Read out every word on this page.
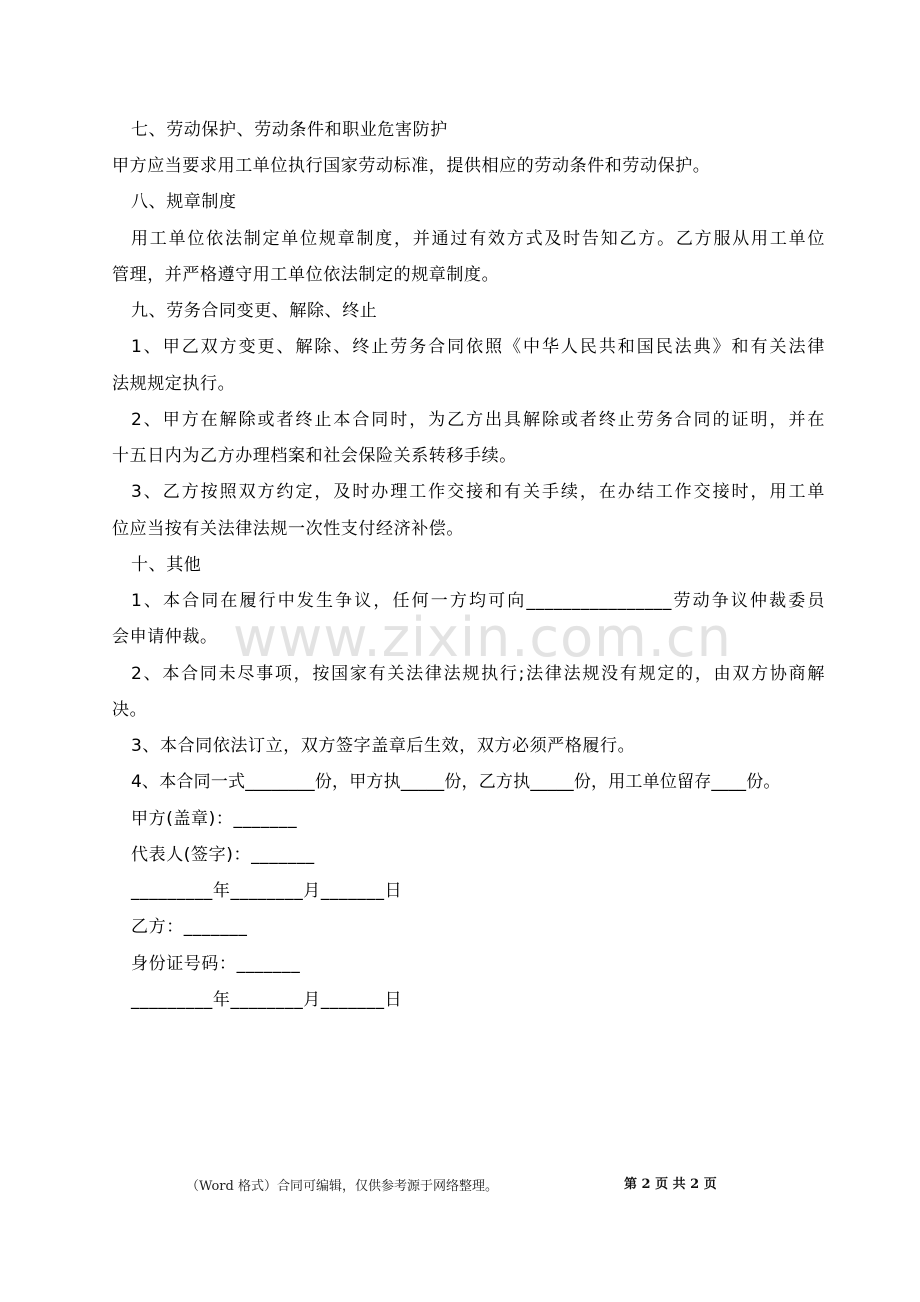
www.zixin.com.cn
七、劳动保护、劳动条件和职业危害防护
甲方应当要求用工单位执行国家劳动标准，提供相应的劳动条件和劳动保护。
八、规章制度
用工单位依法制定单位规章制度，并通过有效方式及时告知乙方。乙方服从用工单位
管理，并严格遵守用工单位依法制定的规章制度。
九、劳务合同变更、解除、终止
1、甲乙双方变更、解除、终止劳务合同依照《中华人民共和国民法典》和有关法律
法规规定执行。
2、甲方在解除或者终止本合同时，为乙方出具解除或者终止劳务合同的证明，并在
十五日内为乙方办理档案和社会保险关系转移手续。
3、乙方按照双方约定，及时办理工作交接和有关手续，在办结工作交接时，用工单
位应当按有关法律法规一次性支付经济补偿。
十、其他
1、本合同在履行中发生争议，任何一方均可向________________劳动争议仲裁委员
会申请仲裁。
2、本合同未尽事项，按国家有关法律法规执行;法律法规没有规定的，由双方协商解
决。
3、本合同依法订立，双方签字盖章后生效，双方必须严格履行。
4、本合同一式________份，甲方执_____份，乙方执_____份，用工单位留存____份。
甲方(盖章)：_______
代表人(签字)：_______
_________年________月_______日
乙方：_______
身份证号码：_______
_________年________月_______日
（Word 格式）合同可编辑，仅供参考源于网络整理。	第 2 页 共 2 页
